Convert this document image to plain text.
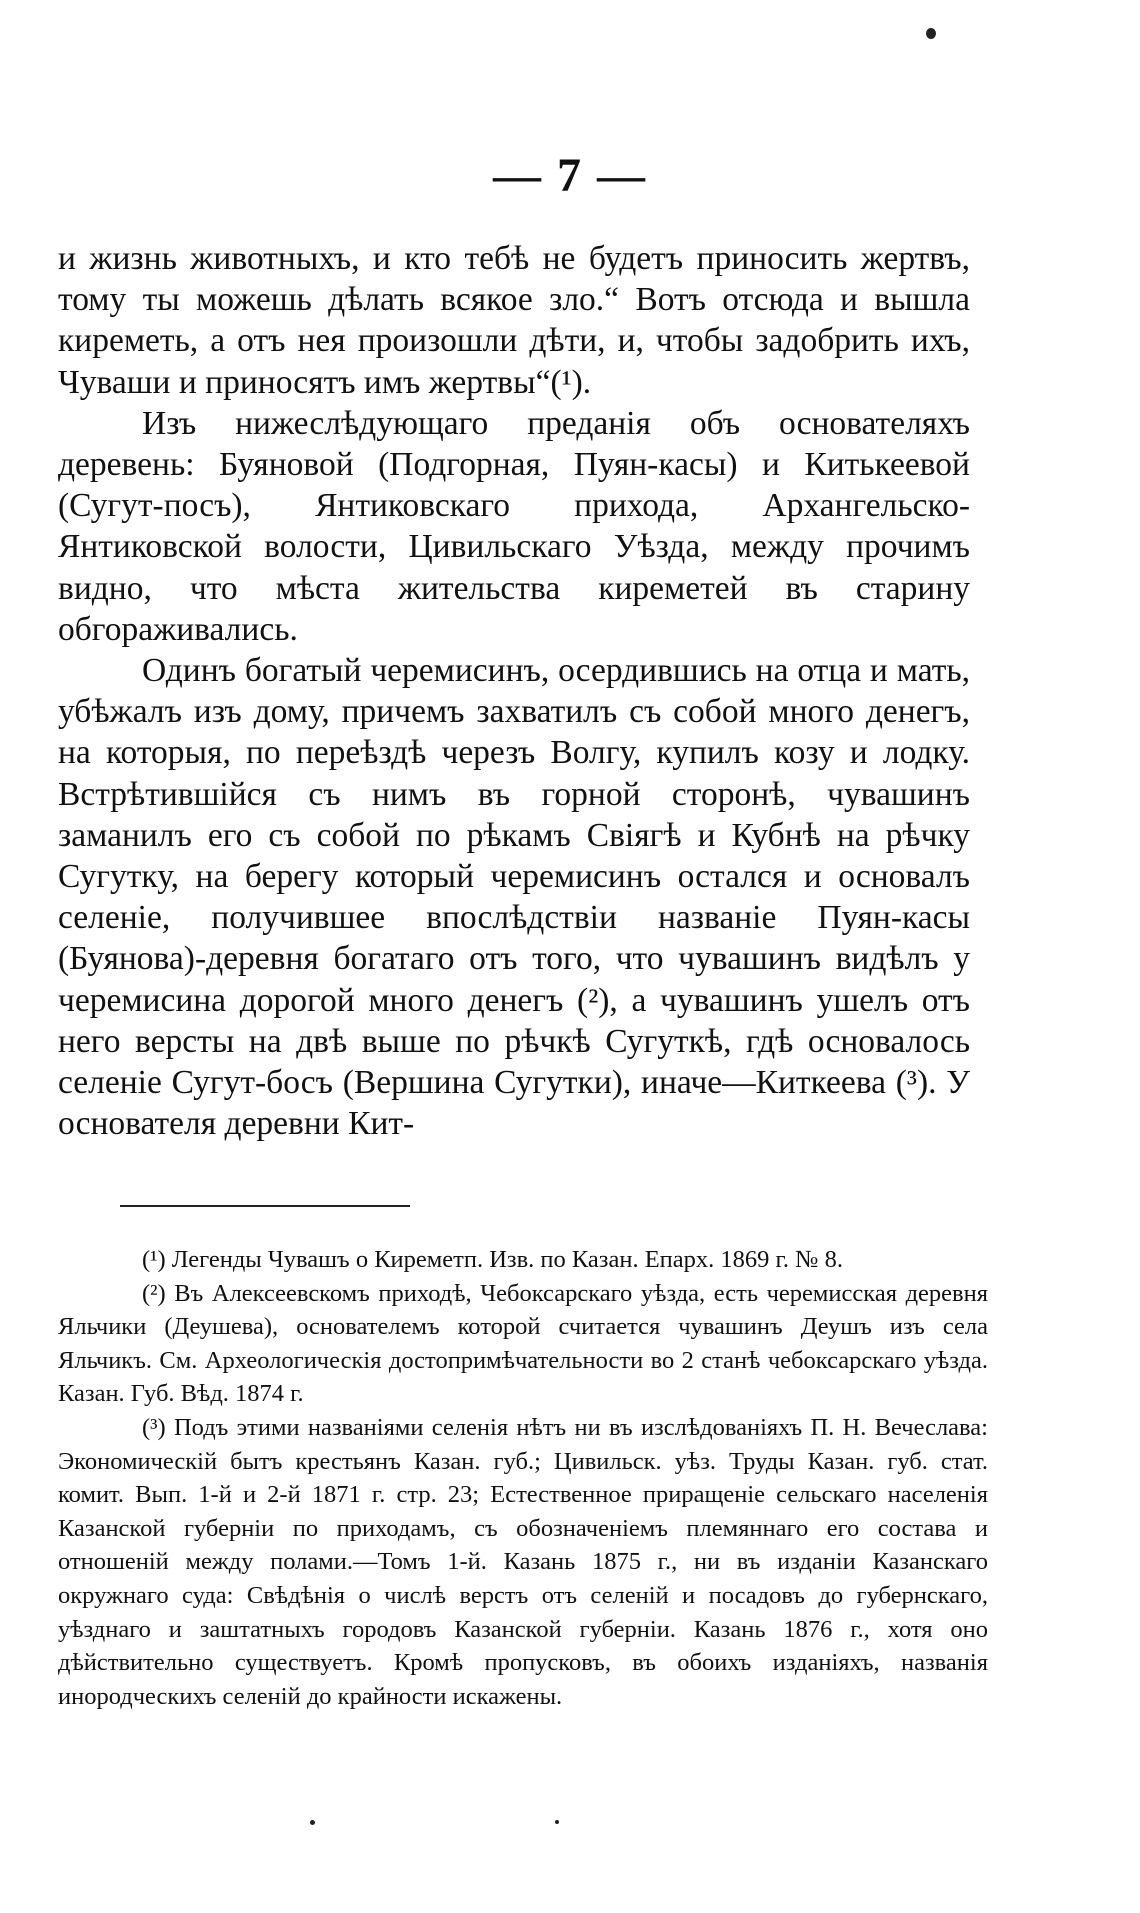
— 7 —

и жизнь животныхъ, и кто тебѣ не будетъ приносить жертвъ, тому ты можешь дѣлать всякое зло.“ Вотъ отсюда и вышла киреметь, а отъ нея произошли дѣти, и, чтобы задобрить ихъ, Чуваши и приносятъ имъ жертвы“(¹).

Изъ нижеслѣдующаго преданія объ основателяхъ деревень: Буяновой (Подгорная, Пуян-касы) и Китькеевой (Сугут-посъ), Янтиковскаго прихода, Архангельско-Янтиковской волости, Цивильскаго Уѣзда, между прочимъ видно, что мѣста жительства киреметей въ старину обгораживались.

Одинъ богатый черемисинъ, осердившись на отца и мать, убѣжалъ изъ дому, причемъ захватилъ съ собой много денегъ, на которыя, по переѣздѣ черезъ Волгу, купилъ козу и лодку. Встрѣтившійся съ нимъ въ горной сторонѣ, чувашинъ заманилъ его съ собой по рѣкамъ Свіягѣ и Кубнѣ на рѣчку Сугутку, на берегу который черемисинъ остался и основалъ селеніе, получившее впослѣдствіи названіе Пуян-касы (Буянова)-деревня богатаго отъ того, что чувашинъ видѣлъ у черемисина дорогой много денегъ (²), а чувашинъ ушелъ отъ него версты на двѣ выше по рѣчкѣ Сугуткѣ, гдѣ основалось селеніе Сугут-босъ (Вершина Сугутки), иначе—Киткеева (³). У основателя деревни Кит-

(¹) Легенды Чувашъ о Киреметп. Изв. по Казан. Епарх. 1869 г. № 8.

(²) Въ Алексеевскомъ приходѣ, Чебоксарскаго уѣзда, есть черемисская деревня Яльчики (Деушева), основателемъ которой считается чувашинъ Деушъ изъ села Яльчикъ. См. Археологическія достопримѣчательности во 2 станѣ чебоксарскаго уѣзда. Казан. Губ. Вѣд. 1874 г.

(³) Подъ этими названіями селенія нѣтъ ни въ изслѣдованіяхъ П. Н. Вечеслава: Экономическій бытъ крестьянъ Казан. губ.; Цивильск. уѣз. Труды Казан. губ. стат. комит. Вып. 1-й и 2-й 1871 г. стр. 23; Естественное приращеніе сельскаго населенія Казанской губерніи по приходамъ, съ обозначеніемъ племяннаго его состава и отношеній между полами.—Томъ 1-й. Казань 1875 г., ни въ изданіи Казанскаго окружнаго суда: Свѣдѣнія о числѣ верстъ отъ селеній и посадовъ до губернскаго, уѣзднаго и заштатныхъ городовъ Казанской губерніи. Казань 1876 г., хотя оно дѣйствительно существуетъ. Кромѣ пропусковъ, въ обоихъ изданіяхъ, названія инородческихъ селеній до крайности искажены.
